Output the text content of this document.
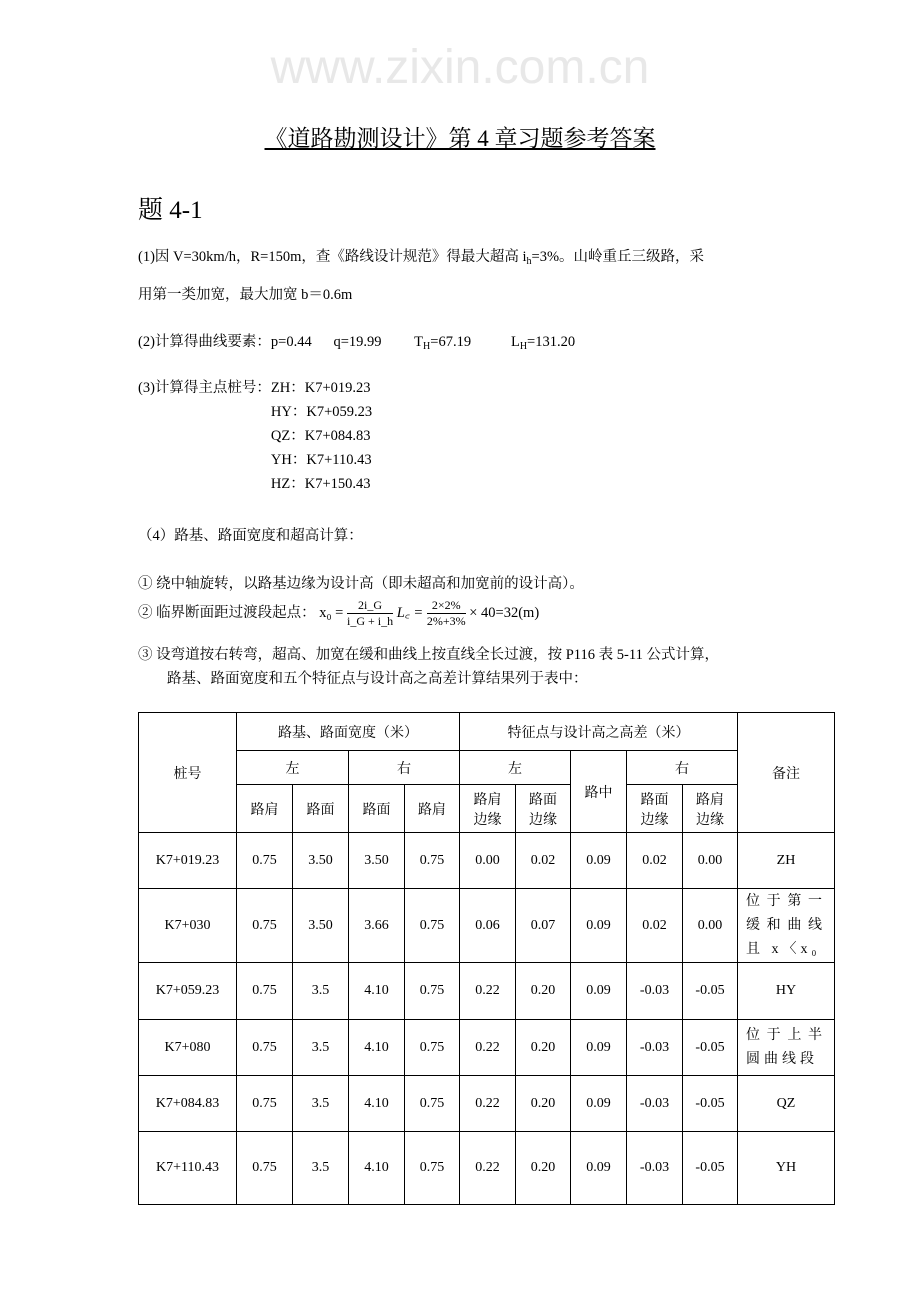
www.zixin.com.cn
《道路勘测设计》第 4 章习题参考答案
题 4-1
(1)因 V=30km/h，R=150m，查《路线设计规范》得最大超高 $i_h=3\%$。山岭重丘三级路，采
用第一类加宽，最大加宽 b＝0.6m
(2)计算得曲线要素：p=0.44 q=19.99 $T_H=67.19$	$L_H=131.20$
(3)计算得主点桩号： ZH：K7+019.23
HY：K7+059.23
QZ：K7+084.83
YH：K7+110.43
HZ：K7+150.43
（4）路基、路面宽度和超高计算：
① 绕中轴旋转，以路基边缘为设计高（即未超高和加宽前的设计高）。
② 临界断面距过渡段起点： $x_0 = \frac{2i\_G}{i\_G + i\_h}$ L꜀ = $\frac{2\times 2\%}{2\%+3\%} \times 40=32(m)$
③ 设弯道按右转弯，超高、加宽在缓和曲线上按直线全长过渡，按 P116 表 5-11 公式计算，
路基、路面宽度和五个特征点与设计高之高差计算结果列于表中：
桩号	路基、路面宽度（米）				特征点与设计高之高差（米）					备注
	左		右		左		路中	右		
	路肩	路面	路面	路肩	路肩边缘	路面边缘		路面边缘	路肩边缘	
K7+019.23	0.75	3.50	3.50	0.75	0.00	0.02	0.09	0.02	0.00	ZH
K7+030	0.75	3.50	3.66	0.75	0.06	0.07	0.09	0.02	0.00	位于第一缓和曲线且 x〈x₀
K7+059.23	0.75	3.5	4.10	0.75	0.22	0.20	0.09	-0.03	-0.05	HY
K7+080	0.75	3.5	4.10	0.75	0.22	0.20	0.09	-0.03	-0.05	位于上半圆曲线段
K7+084.83	0.75	3.5	4.10	0.75	0.22	0.20	0.09	-0.03	-0.05	QZ
K7+110.43	0.75	3.5	4.10	0.75	0.22	0.20	0.09	-0.03	-0.05	YH
